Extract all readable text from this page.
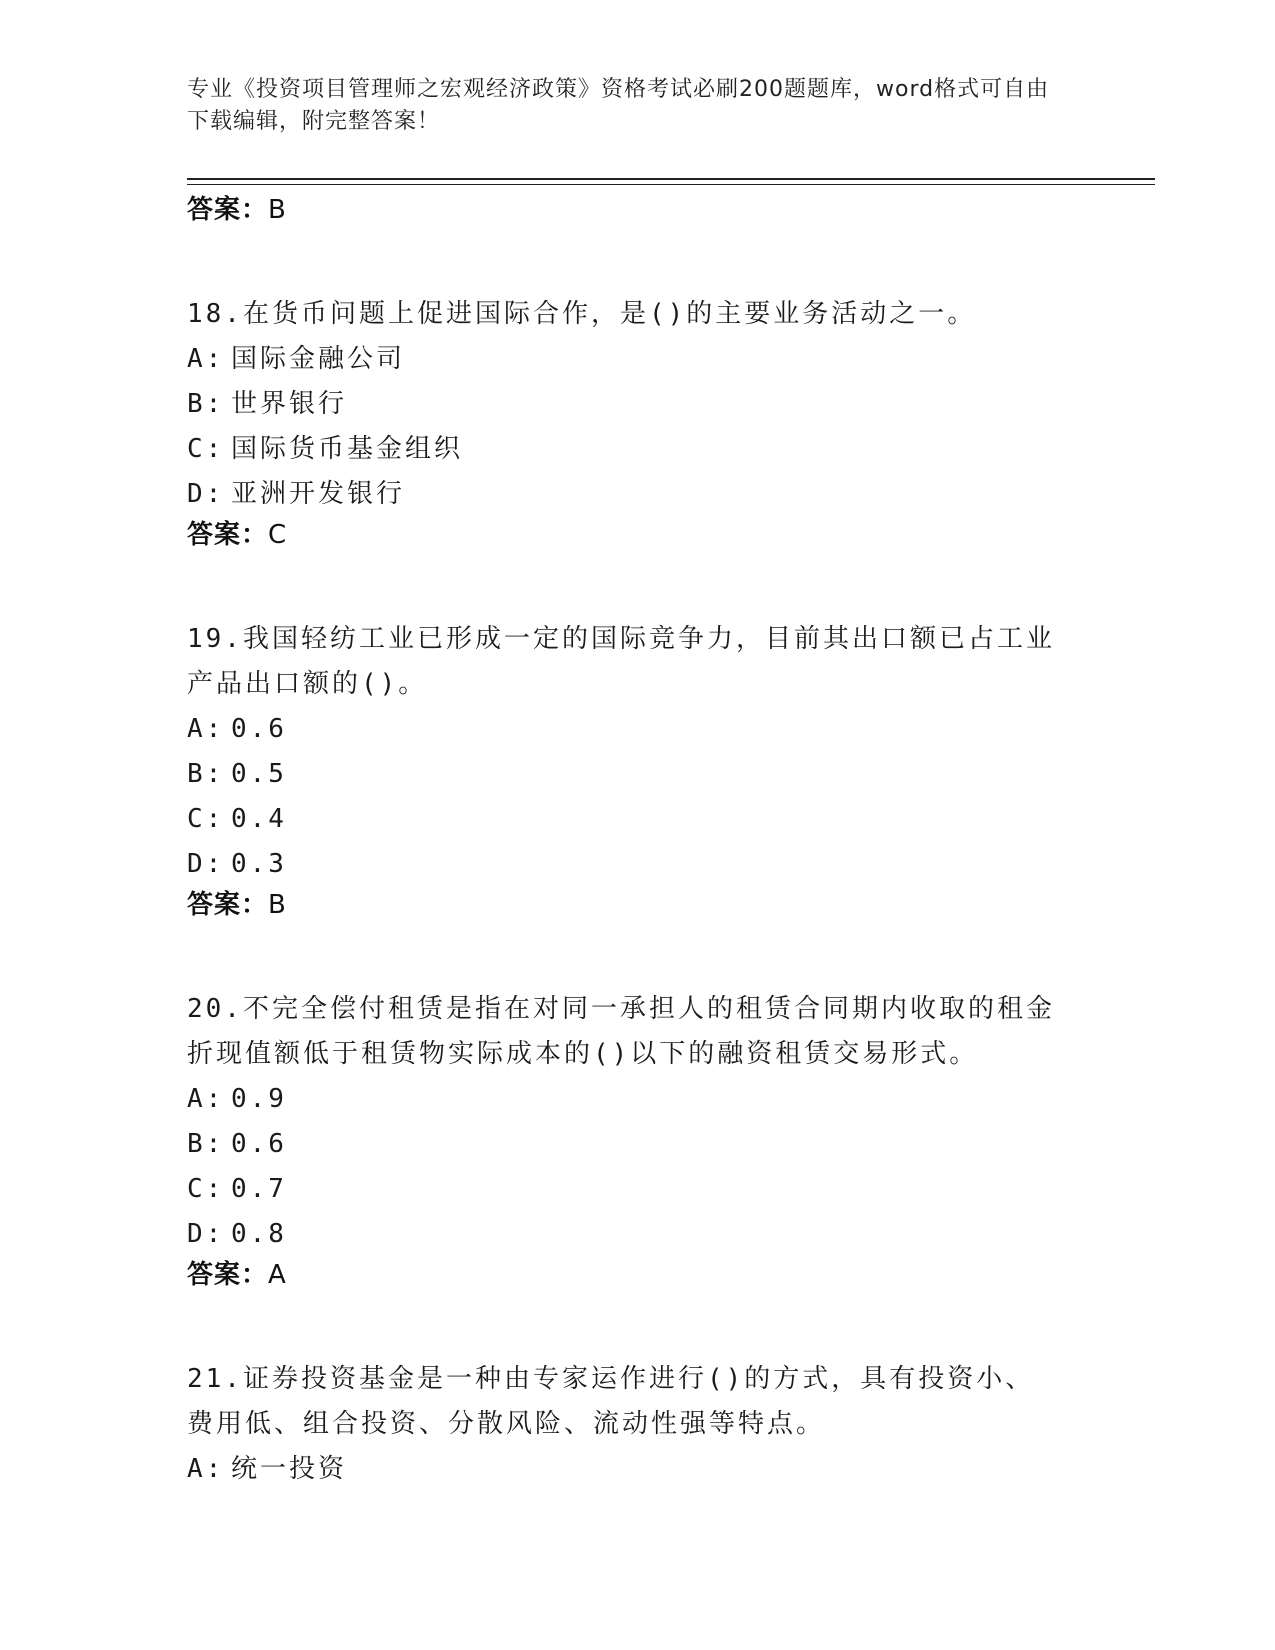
专业《投资项目管理师之宏观经济政策》资格考试必刷200题题库，word格式可自由下载编辑，附完整答案！
答案：B
18.在货币问题上促进国际合作，是()的主要业务活动之一。
A: 国际金融公司
B: 世界银行
C: 国际货币基金组织
D: 亚洲开发银行
答案：C
19.我国轻纺工业已形成一定的国际竞争力，目前其出口额已占工业产品出口额的()。
A: 0.6
B: 0.5
C: 0.4
D: 0.3
答案：B
20.不完全偿付租赁是指在对同一承担人的租赁合同期内收取的租金折现值额低于租赁物实际成本的()以下的融资租赁交易形式。
A: 0.9
B: 0.6
C: 0.7
D: 0.8
答案：A
21.证券投资基金是一种由专家运作进行()的方式，具有投资小、费用低、组合投资、分散风险、流动性强等特点。
A: 统一投资
